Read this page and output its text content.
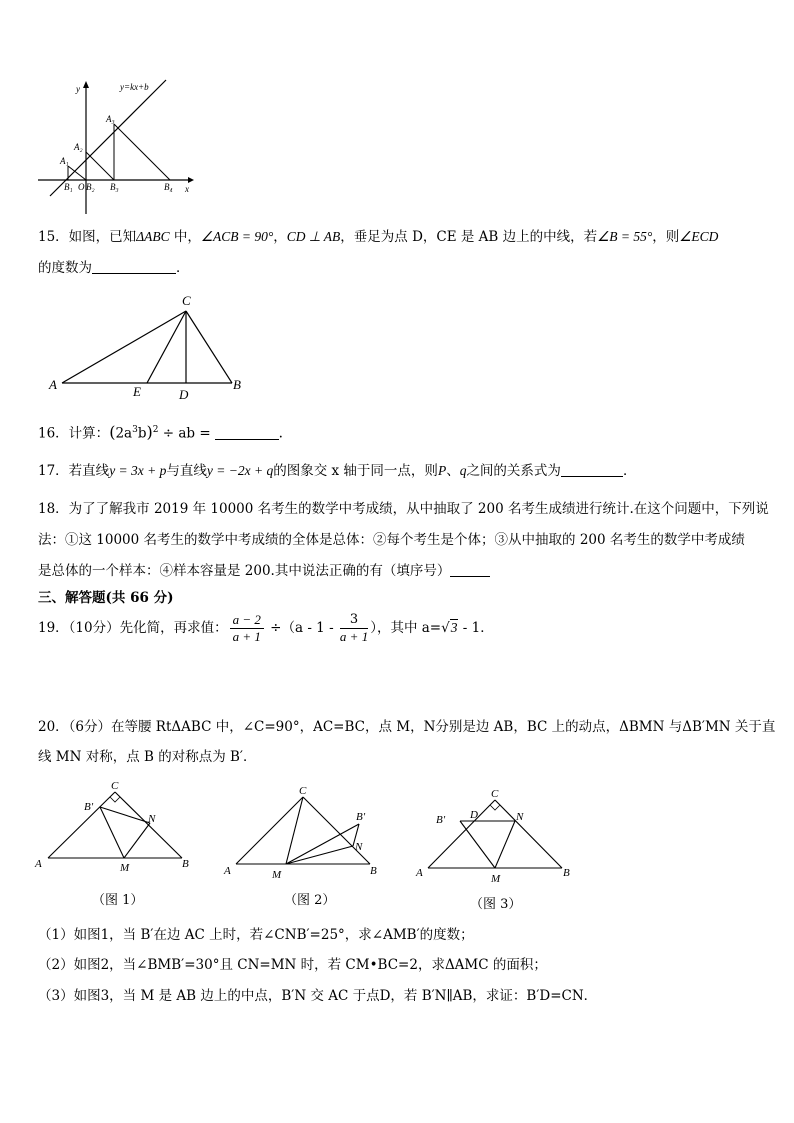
y=kx+b
y
x
A₁
A₂
A₃
B₁ O B₂ B₃	B₄
15．如图，已知ΔABC 中，∠ACB = 90°，CD ⊥ AB，垂足为点 D，CE 是 AB 边上的中线，若∠B = 55°，则∠ECD
的度数为	．
A	B
C
E	D
16．计算：$(2a^3b)^2$ ÷ ab =	.
17．若直线y = 3x + p与直线y = −2x + q的图象交 x 轴于同一点，则P、q之间的关系式为	．
18．为了了解我市 2019 年 10000 名考生的数学中考成绩，从中抽取了 200 名考生成绩进行统计.在这个问题中，下列说
法：①这 10000 名考生的数学中考成绩的全体是总体：②每个考生是个体；③从中抽取的 200 名考生的数学中考成绩
是总体的一个样本：④样本容量是 200.其中说法正确的有（填序号）
三、解答题(共 66 分)
19．（10分）先化简，再求值： $\frac{a - 2}{a + 1} \div(a - 1 - \frac{3}{a + 1}$ ），其中 a=√3 - 1．
20．（6分）在等腰 RtΔABC 中，∠C=90°，AC=BC，点 M，N分别是边 AB，BC 上的动点，ΔBMN 与ΔB′MN 关于直
线 MN 对称，点 B 的对称点为 B′．
C
B′
N
A	B
M
（图 1）
C
B′
N
A	B
M
（图 2）
C
B′ D	N
A	B
M
（图 3）
（1）如图1，当 B′在边 AC 上时，若∠CNB′=25°，求∠AMB′的度数；
（2）如图2，当∠BMB′=30°且 CN=MN 时，若 CM•BC=2，求ΔAMC 的面积；
（3）如图3，当 M 是 AB 边上的中点，B′N 交 AC 于点D，若 B′N∥AB，求证：B′D=CN．
